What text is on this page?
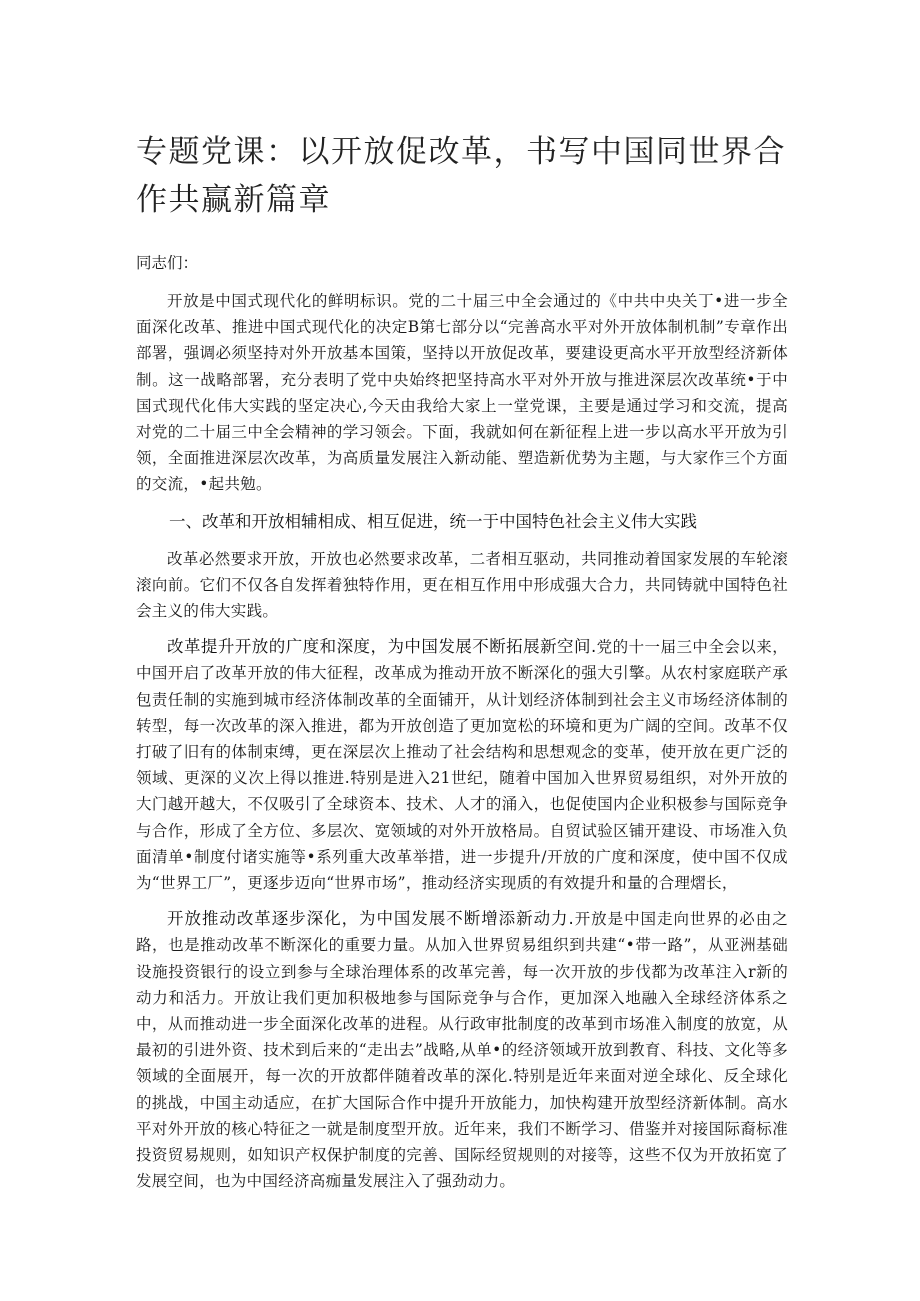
专题党课：以开放促改革，书写中国同世界合作共赢新篇章
同志们：

开放是中国式现代化的鲜明标识。党的二十届三中全会通过的《中共中央关丁•进一步全面深化改革、推进中国式现代化的决定B第七部分以“完善高水平对外开放体制机制”专章作出部署，强调必须坚持对外开放基本国策，坚持以开放促改革，要建设更高水平开放型经济新体制。这一战略部署，充分表明了党中央始终把坚持高水平对外开放与推进深层次改革统•于中国式现代化伟大实践的坚定决心,今天由我给大家上一堂党课，主要是通过学习和交流，提高对党的二十届三中全会精神的学习领会。下面，我就如何在新征程上进一步以高水平开放为引领，全面推进深层次改革，为高质量发展注入新动能、塑造新优势为主题，与大家作三个方面的交流，•起共勉。

一、改革和开放相辅相成、相互促进，统一于中国特色社会主义伟大实践

改革必然要求开放，开放也必然要求改革，二者相互驱动，共同推动着国家发展的车轮滚滚向前。它们不仅各自发挥着独特作用，更在相互作用中形成强大合力，共同铸就中国特色社会主义的伟大实践。

改革提升开放的广度和深度，为中国发展不断拓展新空间.党的十一届三中全会以来，中国开启了改革开放的伟大征程，改革成为推动开放不断深化的强大引擎。从农村家庭联产承包责任制的实施到城市经济体制改革的全面铺开，从计划经济体制到社会主义市场经济体制的转型，每一次改革的深入推进，都为开放创造了更加宽松的环境和更为广阔的空间。改革不仅打破了旧有的体制束缚，更在深层次上推动了社会结构和思想观念的变革，使开放在更广泛的领域、更深的义次上得以推进.特别是进入21世纪，随着中国加入世界贸易组织，对外开放的大门越开越大，不仅吸引了全球资本、技术、人才的涌入，也促使国内企业积极参与国际竞争与合作，形成了全方位、多层次、宽领域的对外开放格局。自贸试验区铺开建设、市场准入负面清单•制度付诸实施等•系列重大改革举措，进一步提升/开放的广度和深度，使中国不仅成为“世界工厂”，更逐步迈向“世界市场”，推动经济实现质的有效提升和量的合理熠长，

开放推动改革逐步深化，为中国发展不断增添新动力.开放是中国走向世界的必由之路，也是推动改革不断深化的重要力量。从加入世界贸易组织到共建“•带一路”，从亚洲基础设施投资银行的设立到参与全球治理体系的改革完善，每一次开放的步伐都为改革注入r新的动力和活力。开放让我们更加积极地参与国际竞争与合作，更加深入地融入全球经济体系之中，从而推动进一步全面深化改革的进程。从行政审批制度的改革到市场准入制度的放宽，从最初的引进外资、技术到后来的“走出去”战略,从单•的经济领域开放到教育、科技、文化等多领域的全面展开，每一次的开放都伴随着改革的深化.特别是近年来面对逆全球化、反全球化的挑战，中国主动适应，在扩大国际合作中提升开放能力，加快构建开放型经济新体制。高水平对外开放的核心特征之一就是制度型开放。近年来，我们不断学习、借鉴并对接国际裔标准投资贸易规则，如知识产权保护制度的完善、国际经贸规则的对接等，这些不仅为开放拓宽了发展空间，也为中国经济高痂量发展注入了强劲动力。
